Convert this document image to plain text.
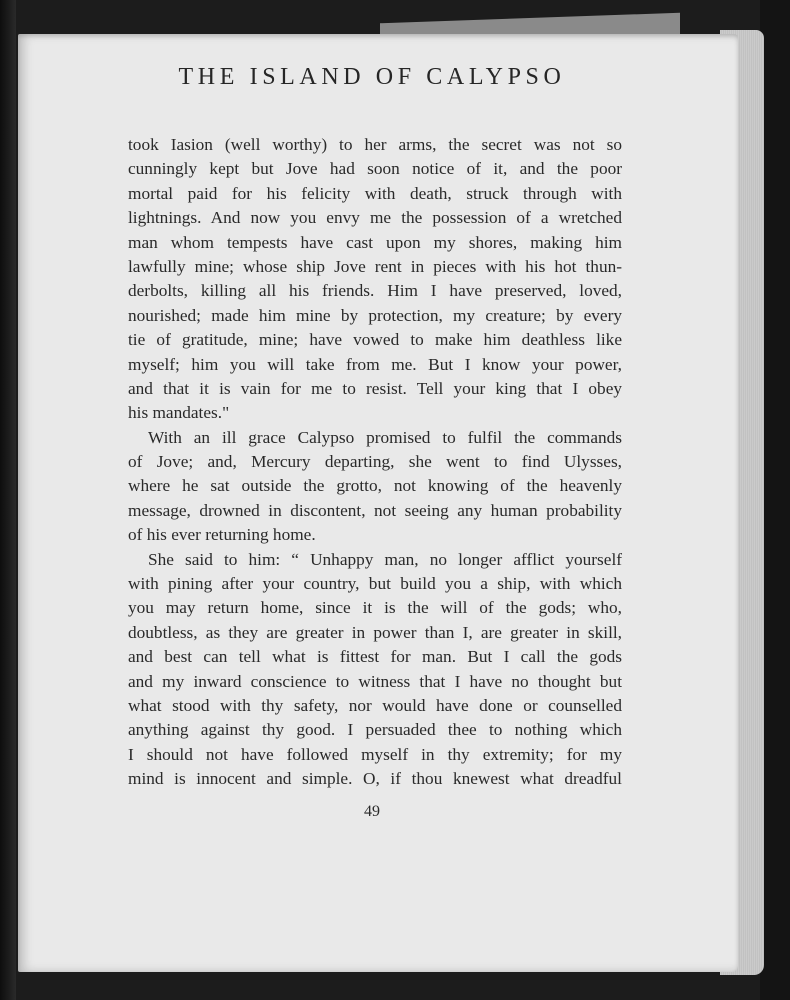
THE ISLAND OF CALYPSO
took Iasion (well worthy) to her arms, the secret was not so
cunningly kept but Jove had soon notice of it, and the poor
mortal paid for his felicity with death, struck through with
lightnings. And now you envy me the possession of a wretched
man whom tempests have cast upon my shores, making him
lawfully mine; whose ship Jove rent in pieces with his hot thun-
derbolts, killing all his friends. Him I have preserved, loved,
nourished; made him mine by protection, my creature; by every
tie of gratitude, mine; have vowed to make him deathless like
myself; him you will take from me. But I know your power,
and that it is vain for me to resist. Tell your king that I obey
his mandates."
With an ill grace Calypso promised to fulfil the commands
of Jove; and, Mercury departing, she went to find Ulysses,
where he sat outside the grotto, not knowing of the heavenly
message, drowned in discontent, not seeing any human probability
of his ever returning home.
She said to him: “ Unhappy man, no longer afflict yourself
with pining after your country, but build you a ship, with which
you may return home, since it is the will of the gods; who,
doubtless, as they are greater in power than I, are greater in skill,
and best can tell what is fittest for man. But I call the gods
and my inward conscience to witness that I have no thought but
what stood with thy safety, nor would have done or counselled
anything against thy good. I persuaded thee to nothing which
I should not have followed myself in thy extremity; for my
mind is innocent and simple. O, if thou knewest what dreadful
49
